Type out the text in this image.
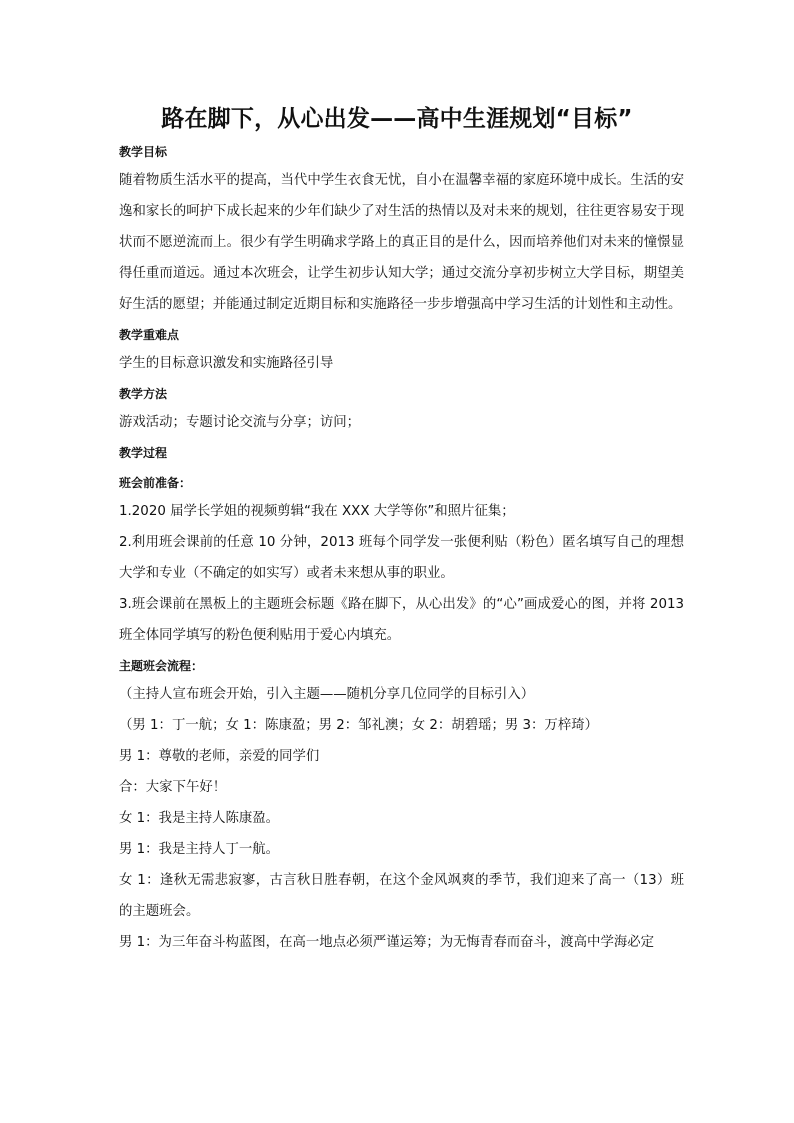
路在脚下，从心出发——高中生涯规划“目标”
教学目标
随着物质生活水平的提高，当代中学生衣食无忧，自小在温馨幸福的家庭环境中成长。生活的安逸和家长的呵护下成长起来的少年们缺少了对生活的热情以及对未来的规划，往往更容易安于现状而不愿逆流而上。很少有学生明确求学路上的真正目的是什么，因而培养他们对未来的憧憬显得任重而道远。通过本次班会，让学生初步认知大学；通过交流分享初步树立大学目标，期望美好生活的愿望；并能通过制定近期目标和实施路径一步步增强高中学习生活的计划性和主动性。
教学重难点
学生的目标意识激发和实施路径引导
教学方法
游戏活动；专题讨论交流与分享；访问；
教学过程
班会前准备：
1.2020 届学长学姐的视频剪辑“我在 XXX 大学等你”和照片征集；
2.利用班会课前的任意 10 分钟，2013 班每个同学发一张便利贴（粉色）匿名填写自己的理想大学和专业（不确定的如实写）或者未来想从事的职业。
3.班会课前在黑板上的主题班会标题《路在脚下，从心出发》的“心”画成爱心的图，并将 2013 班全体同学填写的粉色便利贴用于爱心内填充。
主题班会流程：
（主持人宣布班会开始，引入主题——随机分享几位同学的目标引入）
（男 1：丁一航；女 1：陈康盈；男 2：邹礼澳；女 2：胡碧瑶；男 3：万梓琦）
男 1：尊敬的老师，亲爱的同学们
合：大家下午好！
女 1：我是主持人陈康盈。
男 1：我是主持人丁一航。
女 1：逢秋无需悲寂寥，古言秋日胜春朝，在这个金风飒爽的季节，我们迎来了高一（13）班的主题班会。
男 1：为三年奋斗构蓝图，在高一地点必须严谨运筹；为无悔青春而奋斗，渡高中学海必定
